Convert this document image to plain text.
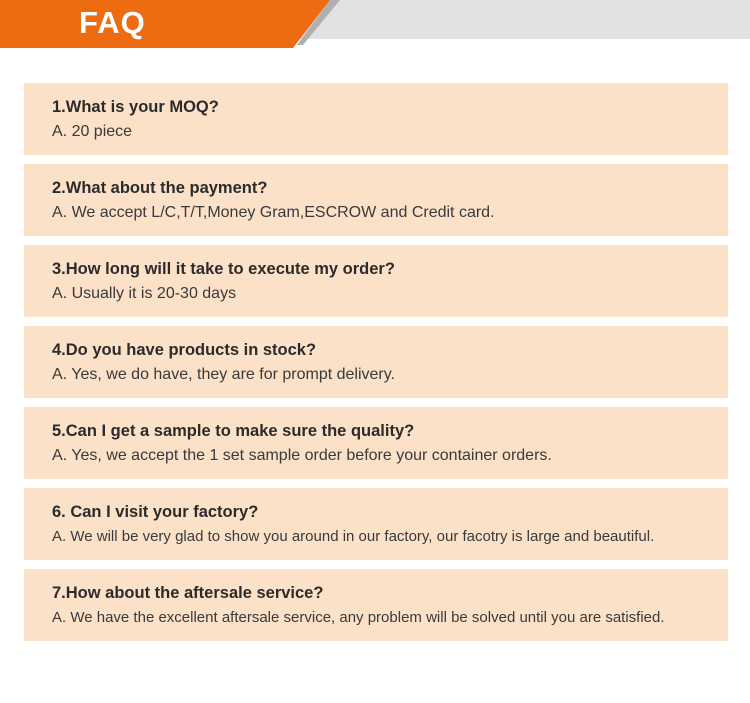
FAQ
1.What is your MOQ?
A. 20 piece
2.What about the payment?
A. We accept L/C,T/T,Money Gram,ESCROW and Credit card.
3.How long will it take to execute my order?
A. Usually it is 20-30 days
4.Do you have products in stock?
A. Yes, we do have, they are for prompt delivery.
5.Can I get a sample to make sure the quality?
A. Yes, we accept the 1 set sample order before your container orders.
6. Can I visit your factory?
A. We will be very glad to show you around in our factory, our facotry is large and beautiful.
7.How about the aftersale service?
A. We have the excellent aftersale service, any problem will be solved until you are satisfied.
